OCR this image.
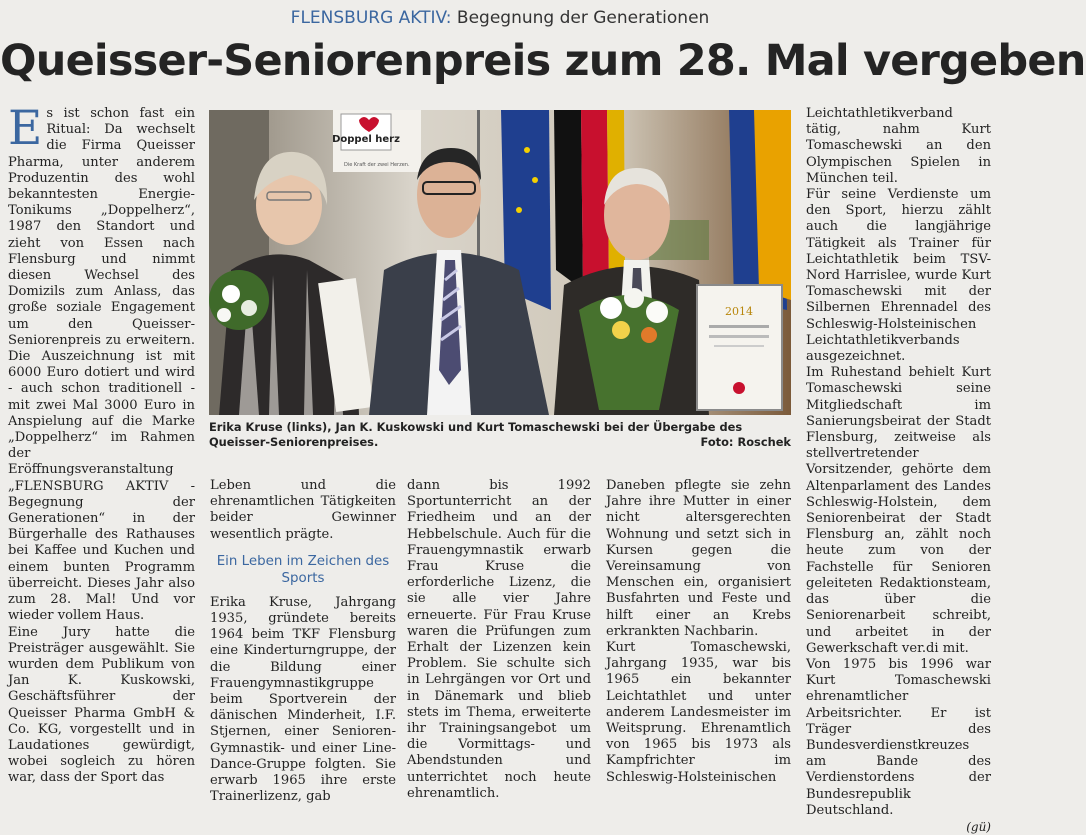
FLENSBURG AKTIV: Begegnung der Generationen
Queisser-Seniorenpreis zum 28. Mal vergeben

Es ist schon fast ein Ritual: Da wechselt die Firma Queisser Pharma, unter anderem Produzentin des wohl bekanntesten Energie-Tonikums „Doppelherz“, 1987 den Standort und zieht von Essen nach Flensburg und nimmt diesen Wechsel des Domizils zum Anlass, das große soziale Engagement um den Queisser-Seniorenpreis zu erweitern. Die Auszeichnung ist mit 6000 Euro dotiert und wird - auch schon traditionell - mit zwei Mal 3000 Euro in Anspielung auf die Marke „Doppelherz“ im Rahmen der Eröffnungsveranstaltung „FLENSBURG AKTIV - Begegnung der Generationen“ in der Bürgerhalle des Rathauses bei Kaffee und Kuchen und einem bunten Programm überreicht. Dieses Jahr also zum 28. Mal! Und vor wieder vollem Haus.

Eine Jury hatte die Preisträger ausgewählt. Sie wurden dem Publikum von Jan K. Kuskowski, Geschäftsführer der Queisser Pharma GmbH & Co. KG, vorgestellt und in Laudationes gewürdigt, wobei sogleich zu hören war, dass der Sport das

Doppel herz
Die Kraft der zwei Herzen.
2014
Erika Kruse (links), Jan K. Kuskowski und Kurt Tomaschewski bei der Übergabe des Queisser-Seniorenpreises.	Foto: Roschek

Leben und die ehrenamtlichen Tätigkeiten beider Gewinner wesentlich prägte.

Ein Leben im Zeichen des Sports

Erika Kruse, Jahrgang 1935, gründete bereits 1964 beim TKF Flensburg eine Kinderturngruppe, der die Bildung einer Frauengymnastikgruppe beim Sportverein der dänischen Minderheit, I.F. Stjernen, einer Senioren-Gymnastik- und einer Line-Dance-Gruppe folgten. Sie erwarb 1965 ihre erste Trainerlizenz, gab

dann bis 1992 Sportunterricht an der Friedheim und an der Hebbelschule. Auch für die Frauengymnastik erwarb Frau Kruse die erforderliche Lizenz, die sie alle vier Jahre erneuerte. Für Frau Kruse waren die Prüfungen zum Erhalt der Lizenzen kein Problem. Sie schulte sich in Lehrgängen vor Ort und in Dänemark und blieb stets im Thema, erweiterte ihr Trainingsangebot um die Vormittags- und Abendstunden und unterrichtet noch heute ehrenamtlich.

Daneben pflegte sie zehn Jahre ihre Mutter in einer nicht altersgerechten Wohnung und setzt sich in Kursen gegen die Vereinsamung von Menschen ein, organisiert Busfahrten und Feste und hilft einer an Krebs erkrankten Nachbarin.

Kurt Tomaschewski, Jahrgang 1935, war bis 1965 ein bekannter Leichtathlet und unter anderem Landesmeister im Weitsprung. Ehrenamtlich von 1965 bis 1973 als Kampfrichter im Schleswig-Holsteinischen

Leichtathletikverband tätig, nahm Kurt Tomaschewski an den Olympischen Spielen in München teil.

Für seine Verdienste um den Sport, hierzu zählt auch die langjährige Tätigkeit als Trainer für Leichtathletik beim TSV-Nord Harrislee, wurde Kurt Tomaschewski mit der Silbernen Ehrennadel des Schleswig-Holsteinischen Leichtathletikverbands ausgezeichnet.

Im Ruhestand behielt Kurt Tomaschewski seine Mitgliedschaft im Sanierungsbeirat der Stadt Flensburg, zeitweise als stellvertretender Vorsitzender, gehörte dem Altenparlament des Landes Schleswig-Holstein, dem Seniorenbeirat der Stadt Flensburg an, zählt noch heute zum von der Fachstelle für Senioren geleiteten Redaktionsteam, das über die Seniorenarbeit schreibt, und arbeitet in der Gewerkschaft ver.di mit.

Von 1975 bis 1996 war Kurt Tomaschewski ehrenamtlicher Arbeitsrichter. Er ist Träger des Bundesverdienstkreuzes am Bande des Verdienstordens der Bundesrepublik Deutschland.

(gü)
